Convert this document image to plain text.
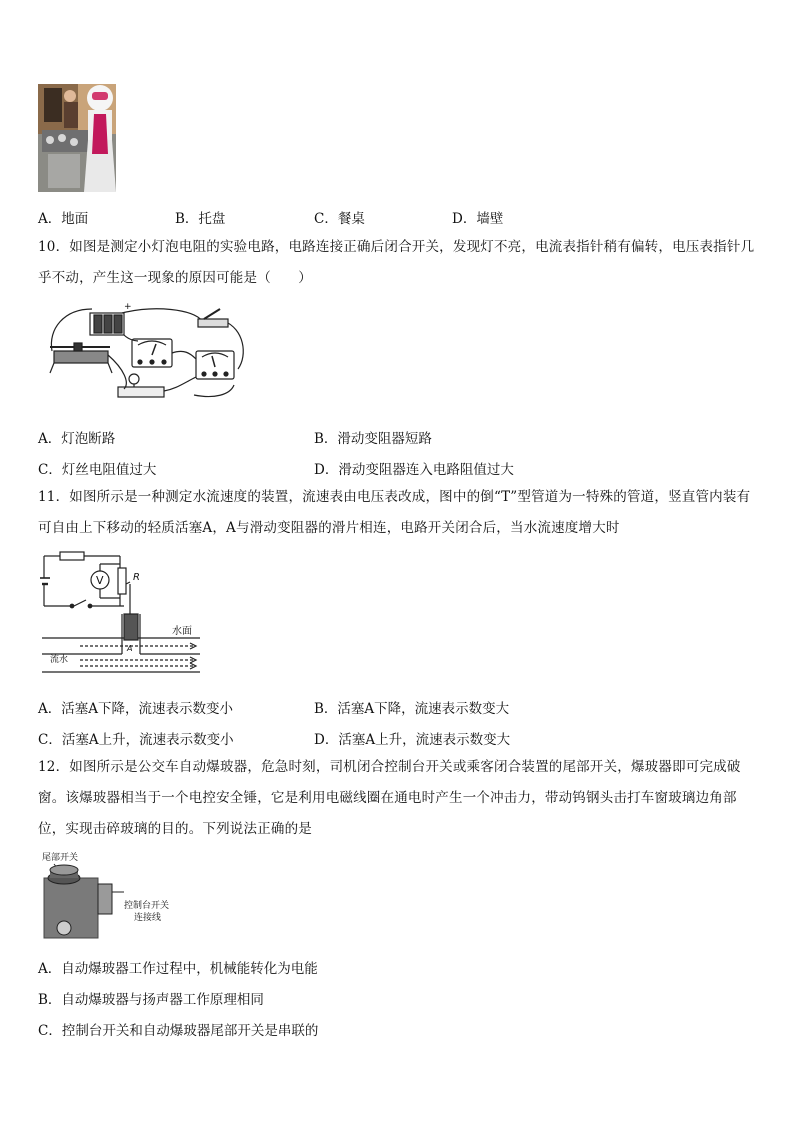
A．地面	B．托盘	C．餐桌	D．墙壁
10．如图是测定小灯泡电阻的实验电路，电路连接正确后闭合开关，发现灯不亮，电流表指针稍有偏转，电压表指针几乎不动，产生这一现象的原因可能是（　　）
+
A．灯泡断路	B．滑动变阻器短路
C．灯丝电阻值过大	D．滑动变阻器连入电路阻值过大
11．如图所示是一种测定水流速度的装置，流速表由电压表改成，图中的倒“T”型管道为一特殊的管道，竖直管内装有可自由上下移动的轻质活塞A，A与滑动变阻器的滑片相连，电路开关闭合后，当水流速度增大时
V	R
A
水面
流水
A．活塞A下降，流速表示数变小	B．活塞A下降，流速表示数变大
C．活塞A上升，流速表示数变小	D．活塞A上升，流速表示数变大
12．如图所示是公交车自动爆玻器，危急时刻，司机闭合控制台开关或乘客闭合装置的尾部开关，爆玻器即可完成破窗。该爆玻器相当于一个电控安全锤，它是利用电磁线圈在通电时产生一个冲击力，带动钨钢头击打车窗玻璃边角部位，实现击碎玻璃的目的。下列说法正确的是
尾部开关
控制台开关
连接线
A．自动爆玻器工作过程中，机械能转化为电能
B．自动爆玻器与扬声器工作原理相同
C．控制台开关和自动爆玻器尾部开关是串联的
